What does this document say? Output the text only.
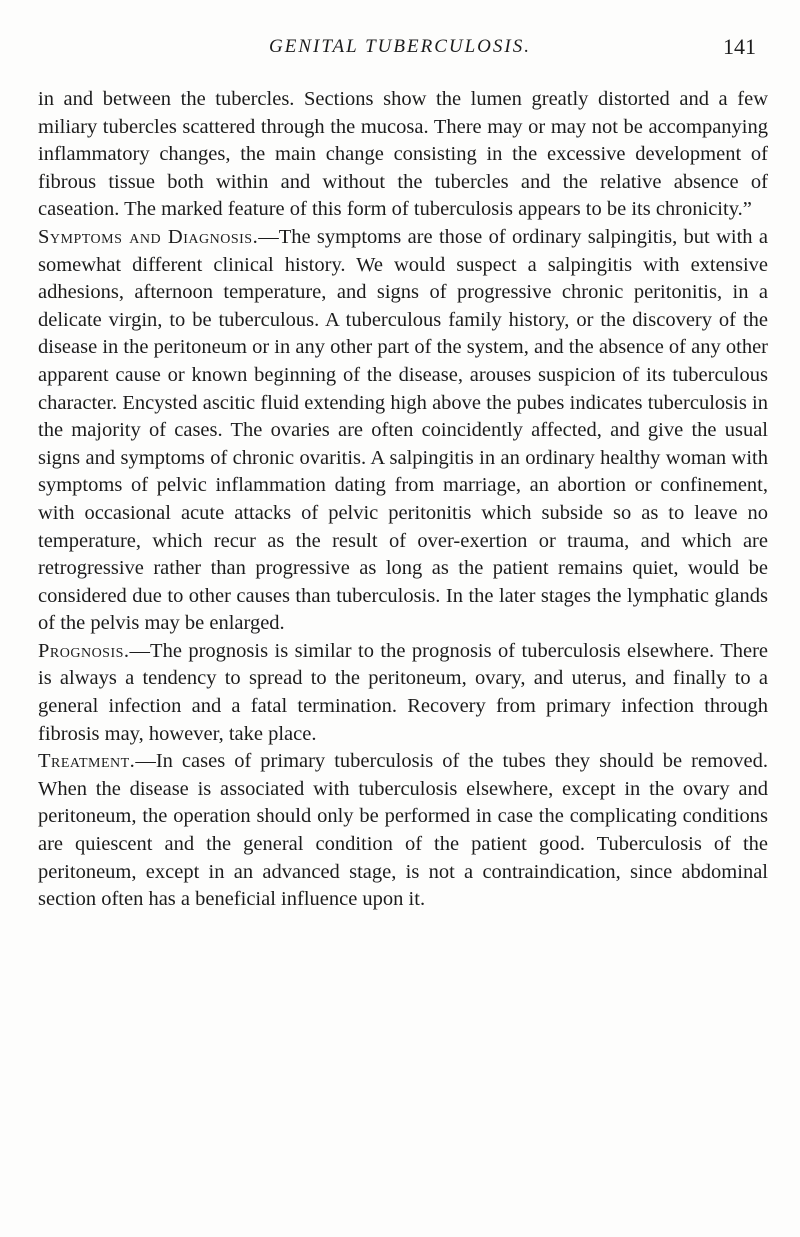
GENITAL TUBERCULOSIS.	141

in and between the tubercles. Sections show the lumen greatly distorted and a few miliary tubercles scattered through the mucosa. There may or may not be accompanying inflammatory changes, the main change consisting in the excessive development of fibrous tissue both within and without the tubercles and the relative absence of caseation. The marked feature of this form of tuberculosis appears to be its chronicity.”

Symptoms and Diagnosis.—The symptoms are those of ordinary salpingitis, but with a somewhat different clinical history. We would suspect a salpingitis with extensive adhesions, afternoon temperature, and signs of progressive chronic peritonitis, in a delicate virgin, to be tuberculous. A tuberculous family history, or the discovery of the disease in the peritoneum or in any other part of the system, and the absence of any other apparent cause or known beginning of the disease, arouses suspicion of its tuberculous character. Encysted ascitic fluid extending high above the pubes indicates tuberculosis in the majority of cases. The ovaries are often coincidently affected, and give the usual signs and symptoms of chronic ovaritis. A salpingitis in an ordinary healthy woman with symptoms of pelvic inflammation dating from marriage, an abortion or confinement, with occasional acute attacks of pelvic peritonitis which subside so as to leave no temperature, which recur as the result of over-exertion or trauma, and which are retrogressive rather than progressive as long as the patient remains quiet, would be considered due to other causes than tuberculosis. In the later stages the lymphatic glands of the pelvis may be enlarged.

Prognosis.—The prognosis is similar to the prognosis of tuberculosis elsewhere. There is always a tendency to spread to the peritoneum, ovary, and uterus, and finally to a general infection and a fatal termination. Recovery from primary infection through fibrosis may, however, take place.

Treatment.—In cases of primary tuberculosis of the tubes they should be removed. When the disease is associated with tuberculosis elsewhere, except in the ovary and peritoneum, the operation should only be performed in case the complicating conditions are quiescent and the general condition of the patient good. Tuberculosis of the peritoneum, except in an advanced stage, is not a contraindication, since abdominal section often has a beneficial influence upon it.
